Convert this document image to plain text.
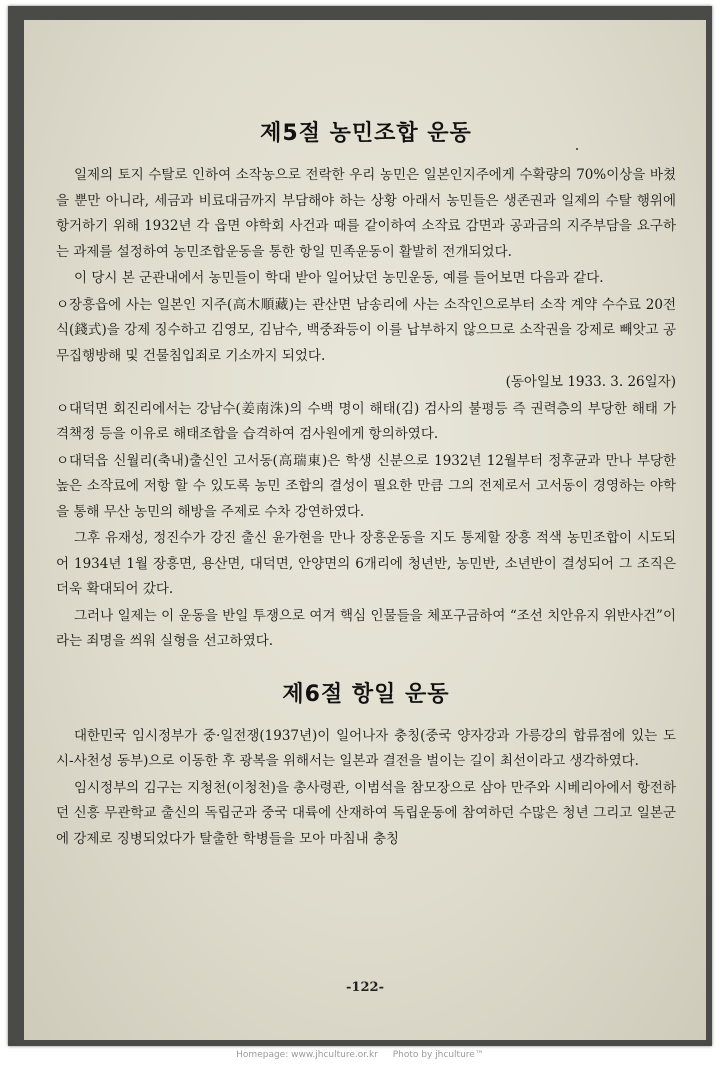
제5절 농민조합 운동

일제의 토지 수탈로 인하여 소작농으로 전락한 우리 농민은 일본인지주에게 수확량의 70%이상을 바쳤을 뿐만 아니라, 세금과 비료대금까지 부담해야 하는 상황 아래서 농민들은 생존권과 일제의 수탈 행위에 항거하기 위해 1932년 각 읍면 야학회 사건과 때를 같이하여 소작료 감면과 공과금의 지주부담을 요구하는 과제를 설정하여 농민조합운동을 통한 항일 민족운동이 활발히 전개되었다.

이 당시 본 군관내에서 농민들이 학대 받아 일어났던 농민운동, 예를 들어보면 다음과 같다.

ㅇ장흥읍에 사는 일본인 지주(高木順藏)는 관산면 남송리에 사는 소작인으로부터 소작 계약 수수료 20전식(錢式)을 강제 징수하고 김영모, 김남수, 백중좌등이 이를 납부하지 않으므로 소작권을 강제로 빼앗고 공무집행방해 및 건물침입죄로 기소까지 되었다.

(동아일보 1933. 3. 26일자)

ㅇ대덕면 회진리에서는 강남수(姜南洙)의 수백 명이 해태(김) 검사의 불평등 즉 권력층의 부당한 해태 가격책정 등을 이유로 해태조합을 습격하여 검사원에게 항의하였다.

ㅇ대덕읍 신월리(축내)출신인 고서동(高瑞東)은 학생 신분으로 1932년 12월부터 정후균과 만나 부당한 높은 소작료에 저항 할 수 있도록 농민 조합의 결성이 필요한 만큼 그의 전제로서 고서동이 경영하는 야학을 통해 무산 농민의 해방을 주제로 수차 강연하였다.

그후 유재성, 정진수가 강진 출신 윤가현을 만나 장흥운동을 지도 통제할 장흥 적색 농민조합이 시도되어 1934년 1월 장흥면, 용산면, 대덕면, 안양면의 6개리에 청년반, 농민반, 소년반이 결성되어 그 조직은 더욱 확대되어 갔다.

그러나 일제는 이 운동을 반일 투쟁으로 여겨 핵심 인물들을 체포구금하여 “조선 치안유지 위반사건”이라는 죄명을 씌워 실형을 선고하였다.

제6절 항일 운동

대한민국 임시정부가 중·일전쟁(1937년)이 일어나자 충칭(중국 양자강과 가릉강의 합류점에 있는 도시-사천성 동부)으로 이동한 후 광복을 위해서는 일본과 결전을 벌이는 길이 최선이라고 생각하였다.

임시정부의 김구는 지청천(이청천)을 총사령관, 이범석을 참모장으로 삼아 만주와 시베리아에서 항전하던 신흥 무관학교 출신의 독립군과 중국 대륙에 산재하여 독립운동에 참여하던 수많은 청년 그리고 일본군에 강제로 징병되었다가 탈출한 학병들을 모아 마침내 충칭

-122-
Homepage: www.jhculture.or.kr Photo by jhculture™
